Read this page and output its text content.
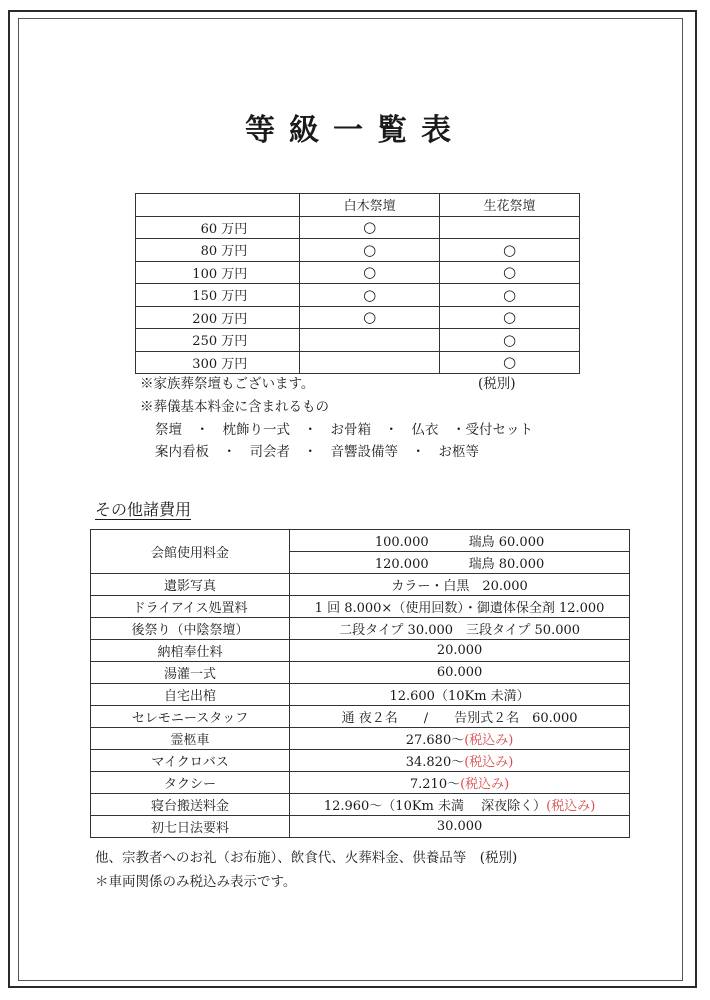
等級一覧表
	白木祭壇	生花祭壇
60 万円	○	
80 万円	○	○
100 万円	○	○
150 万円	○	○
200 万円	○	○
250 万円		○
300 万円		○
※家族葬祭壇もございます。	(税別)
※葬儀基本料金に含まれるもの
祭壇　・　枕飾り一式　・　お骨箱　・　仏衣　・受付セット
案内看板　・　司会者　・　音響設備等　・　お柩等
その他諸費用
会館使用料金	100.000 瑞鳥 60.000
	120.000 瑞鳥 80.000
遺影写真	カラー・白黒　20.000
ドライアイス処置料	1 回 8.000×（使用回数）・御遺体保全剤 12.000
後祭り（中陰祭壇）	二段タイプ 30.000　三段タイプ 50.000
納棺奉仕料	20.000
湯灌一式	60.000
自宅出棺	12.600（10Km 未満）
セレモニースタッフ	通 夜２名　　/　　告別式２名　60.000
霊柩車	27.680～(税込み)
マイクロバス	34.820～(税込み)
タクシー	7.210～(税込み)
寝台搬送料金	12.960～（10Km 未満　 深夜除く）(税込み)
初七日法要料	30.000
他、宗教者へのお礼（お布施）、飲食代、火葬料金、供養品等　(税別)
＊車両関係のみ税込み表示です。
